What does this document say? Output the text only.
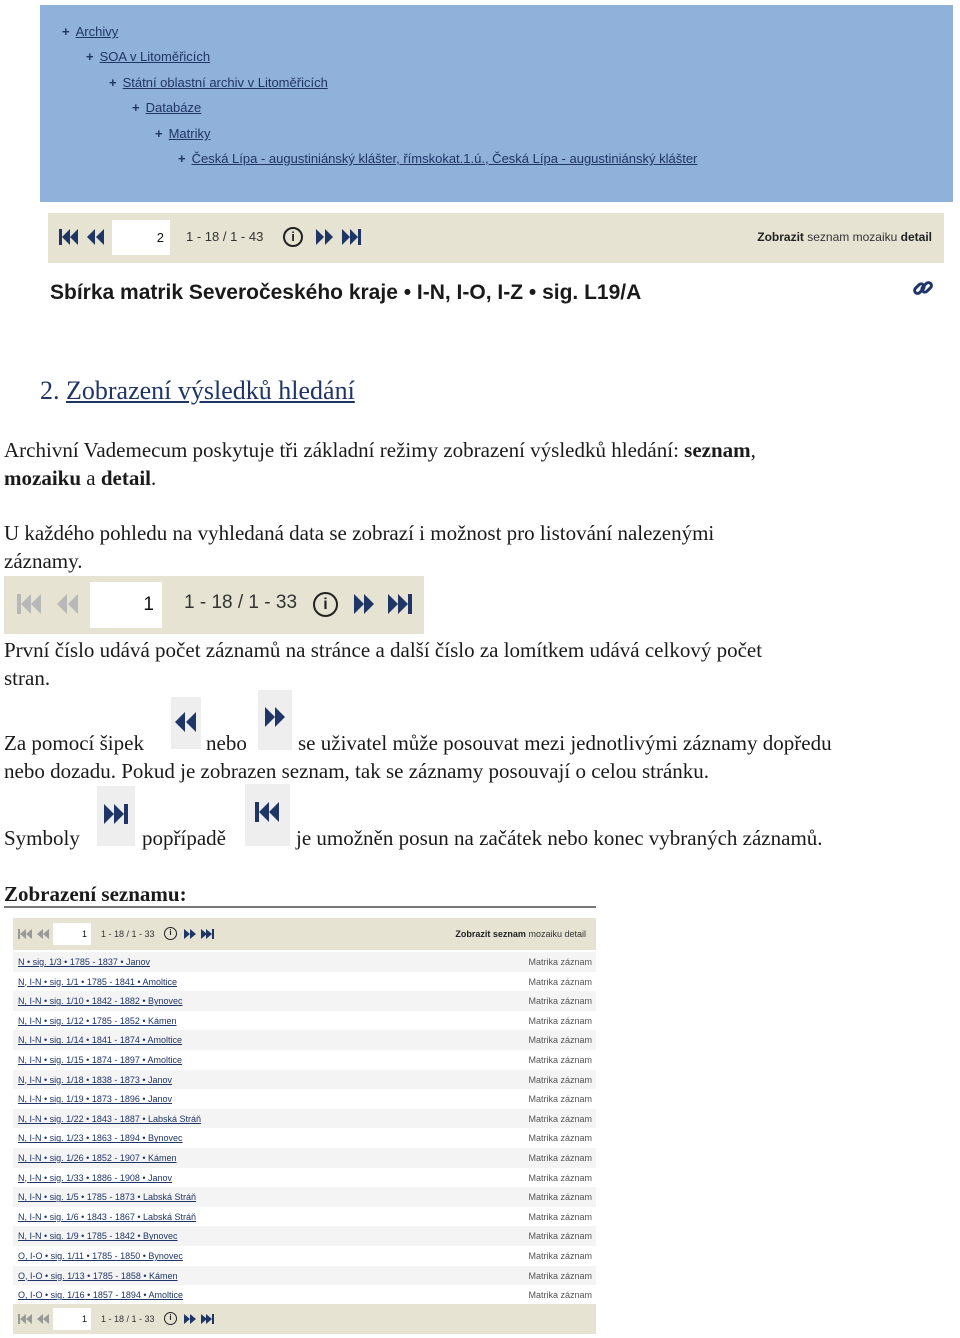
+ Archivy
+ SOA v Litoměřicích
+ Státní oblastní archiv v Litoměřicích
+ Databáze
+ Matriky
+ Česká Lípa - augustiniánský klášter, římskokat.1.ú., Česká Lípa - augustiniánský klášter
2	1 - 18 / 1 - 43	i	Zobrazit seznam mozaiku detail
Sbírka matrik Severočeského kraje • I-N, I-O, I-Z • sig. L19/A
2. Zobrazení výsledků hledání
Archivní Vademecum poskytuje tři základní režimy zobrazení výsledků hledání: seznam,
mozaiku a detail.
U každého pohledu na vyhledaná data se zobrazí i možnost pro listování nalezenými
záznamy.
1	1 - 18 / 1 - 33	i
První číslo udává počet záznamů na stránce a další číslo za lomítkem udává celkový počet
stran.
Za pomocí šipek	nebo se uživatel může posouvat mezi jednotlivými záznamy dopředu
nebo dozadu. Pokud je zobrazen seznam, tak se záznamy posouvají o celou stránku.
Symboly	popřípadě	je umožněn posun na začátek nebo konec vybraných záznamů.
Zobrazení seznamu:
1	1 - 18 / 1 - 33	i	Zobrazit seznam mozaiku detail
N • sig. 1/3 • 1785 - 1837 • Janov	Matrika záznam
N, I-N • sig. 1/1 • 1785 - 1841 • Amoltice	Matrika záznam
N, I-N • sig. 1/10 • 1842 - 1882 • Bynovec	Matrika záznam
N, I-N • sig. 1/12 • 1785 - 1852 • Kámen	Matrika záznam
N, I-N • sig. 1/14 • 1841 - 1874 • Amoltice	Matrika záznam
N, I-N • sig. 1/15 • 1874 - 1897 • Amoltice	Matrika záznam
N, I-N • sig. 1/18 • 1838 - 1873 • Janov	Matrika záznam
N, I-N • sig. 1/19 • 1873 - 1896 • Janov	Matrika záznam
N, I-N • sig. 1/22 • 1843 - 1887 • Labská Stráň	Matrika záznam
N, I-N • sig. 1/23 • 1863 - 1894 • Bynovec	Matrika záznam
N, I-N • sig. 1/26 • 1852 - 1907 • Kámen	Matrika záznam
N, I-N • sig. 1/33 • 1886 - 1908 • Janov	Matrika záznam
N, I-N • sig. 1/5 • 1785 - 1873 • Labská Stráň	Matrika záznam
N, I-N • sig. 1/6 • 1843 - 1867 • Labská Stráň	Matrika záznam
N, I-N • sig. 1/9 • 1785 - 1842 • Bynovec	Matrika záznam
O, I-O • sig. 1/11 • 1785 - 1850 • Bynovec	Matrika záznam
O, I-O • sig. 1/13 • 1785 - 1858 • Kámen	Matrika záznam
O, I-O • sig. 1/16 • 1857 - 1894 • Amoltice	Matrika záznam
1	1 - 18 / 1 - 33	i
